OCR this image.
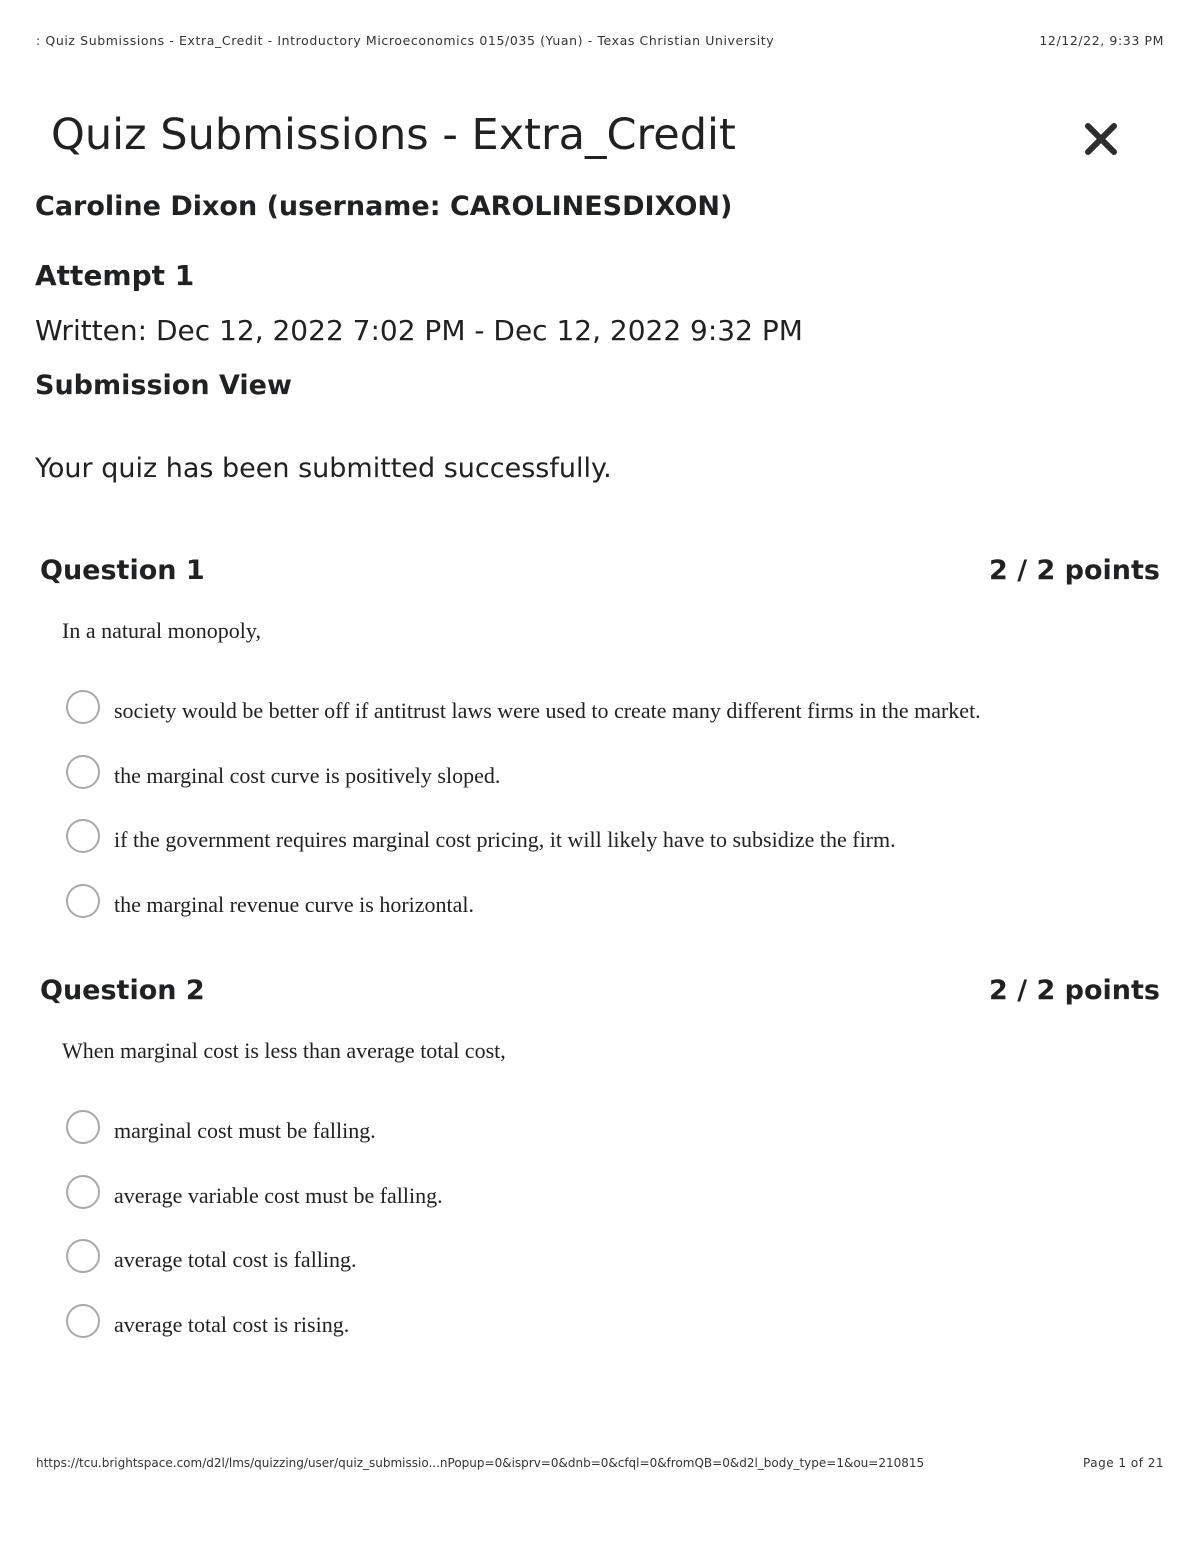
: Quiz Submissions - Extra_Credit - Introductory Microeconomics 015/035 (Yuan) - Texas Christian University	12/12/22, 9:33 PM
Quiz Submissions - Extra_Credit
Caroline Dixon (username: CAROLINESDIXON)
Attempt 1
Written: Dec 12, 2022 7:02 PM - Dec 12, 2022 9:32 PM
Submission View
Your quiz has been submitted successfully.
Question 1	2 / 2 points
In a natural monopoly,
society would be better off if antitrust laws were used to create many different firms in the market.
the marginal cost curve is positively sloped.
if the government requires marginal cost pricing, it will likely have to subsidize the firm.
the marginal revenue curve is horizontal.
Question 2	2 / 2 points
When marginal cost is less than average total cost,
marginal cost must be falling.
average variable cost must be falling.
average total cost is falling.
average total cost is rising.
https://tcu.brightspace.com/d2l/lms/quizzing/user/quiz_submissio...nPopup=0&isprv=0&dnb=0&cfql=0&fromQB=0&d2l_body_type=1&ou=210815	Page 1 of 21
